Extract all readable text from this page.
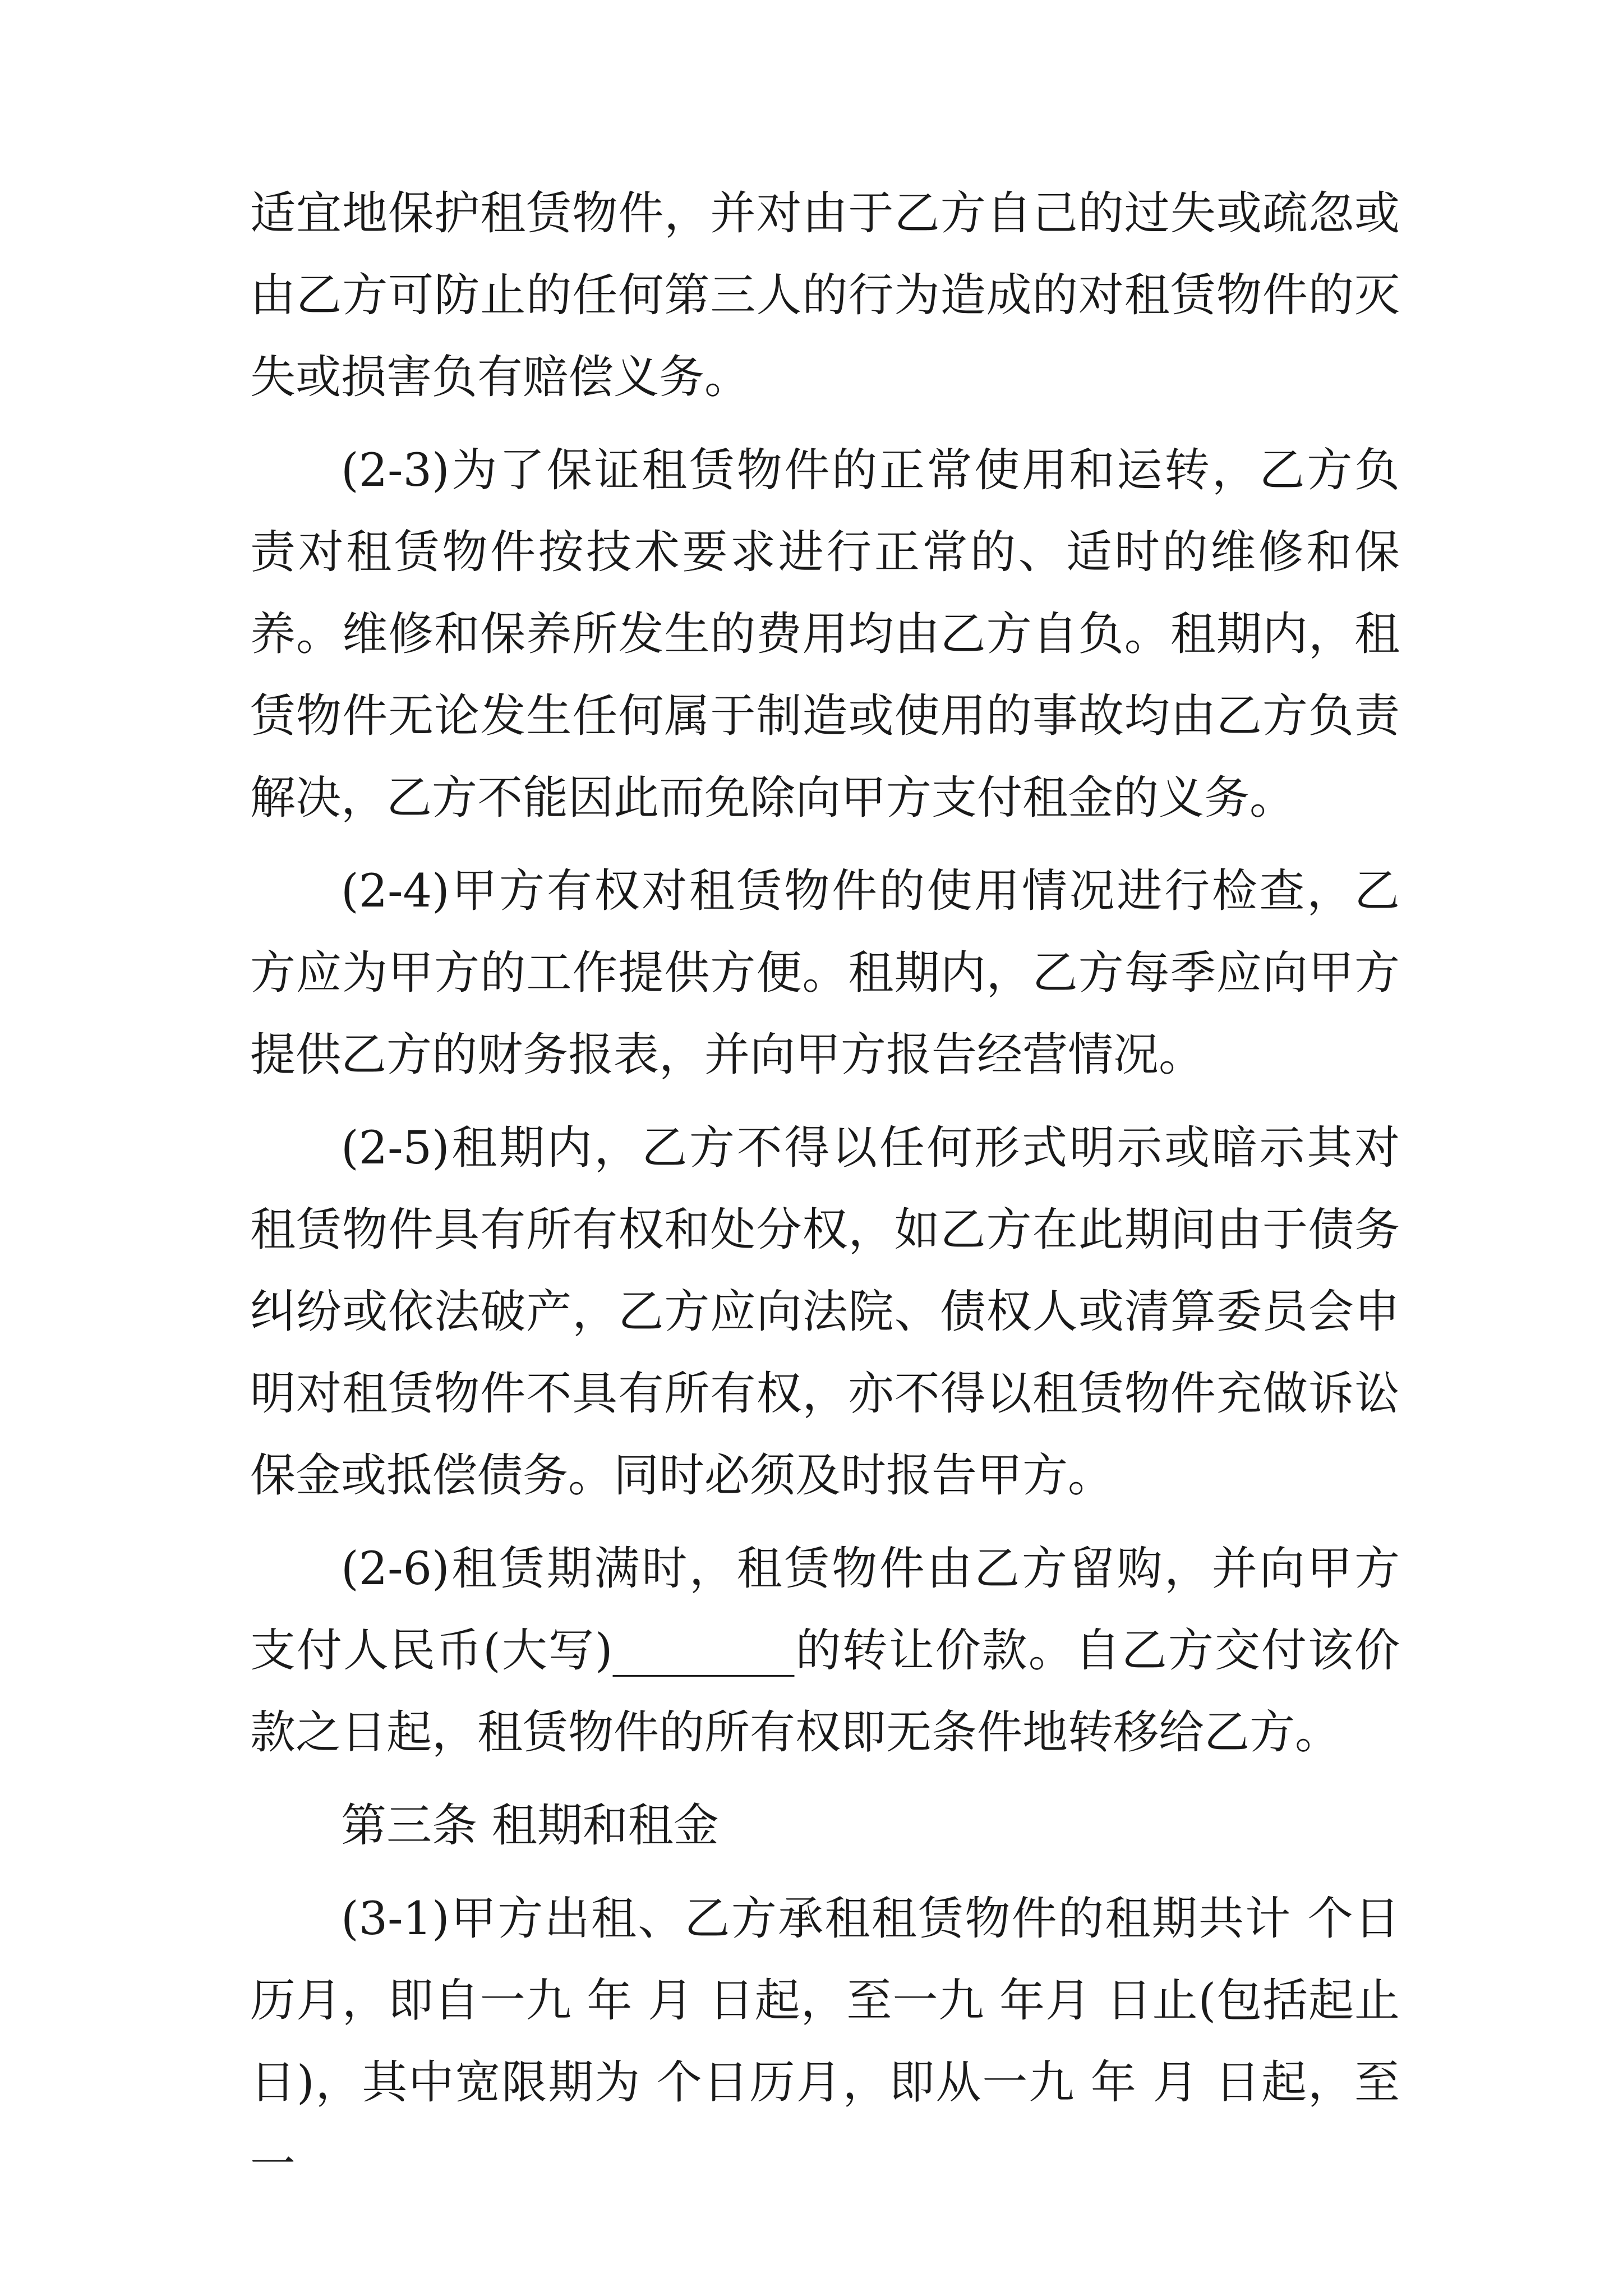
适宜地保护租赁物件，并对由于乙方自己的过失或疏忽或由乙方可防止的任何第三人的行为造成的对租赁物件的灭失或损害负有赔偿义务。

(2-3)为了保证租赁物件的正常使用和运转，乙方负责对租赁物件按技术要求进行正常的、适时的维修和保养。维修和保养所发生的费用均由乙方自负。租期内，租赁物件无论发生任何属于制造或使用的事故均由乙方负责解决，乙方不能因此而免除向甲方支付租金的义务。

(2-4)甲方有权对租赁物件的使用情况进行检查，乙方应为甲方的工作提供方便。租期内，乙方每季应向甲方提供乙方的财务报表，并向甲方报告经营情况。

(2-5)租期内，乙方不得以任何形式明示或暗示其对租赁物件具有所有权和处分权，如乙方在此期间由于债务纠纷或依法破产，乙方应向法院、债权人或清算委员会申明对租赁物件不具有所有权，亦不得以租赁物件充做诉讼保金或抵偿债务。同时必须及时报告甲方。

(2-6)租赁期满时，租赁物件由乙方留购，并向甲方支付人民币(大写)________的转让价款。自乙方交付该价款之日起，租赁物件的所有权即无条件地转移给乙方。

第三条 租期和租金

(3-1)甲方出租、乙方承租租赁物件的租期共计 个日历月，即自一九 年 月 日起，至一九 年月 日止(包括起止日)，其中宽限期为 个日历月，即从一九 年 月 日起，至一
